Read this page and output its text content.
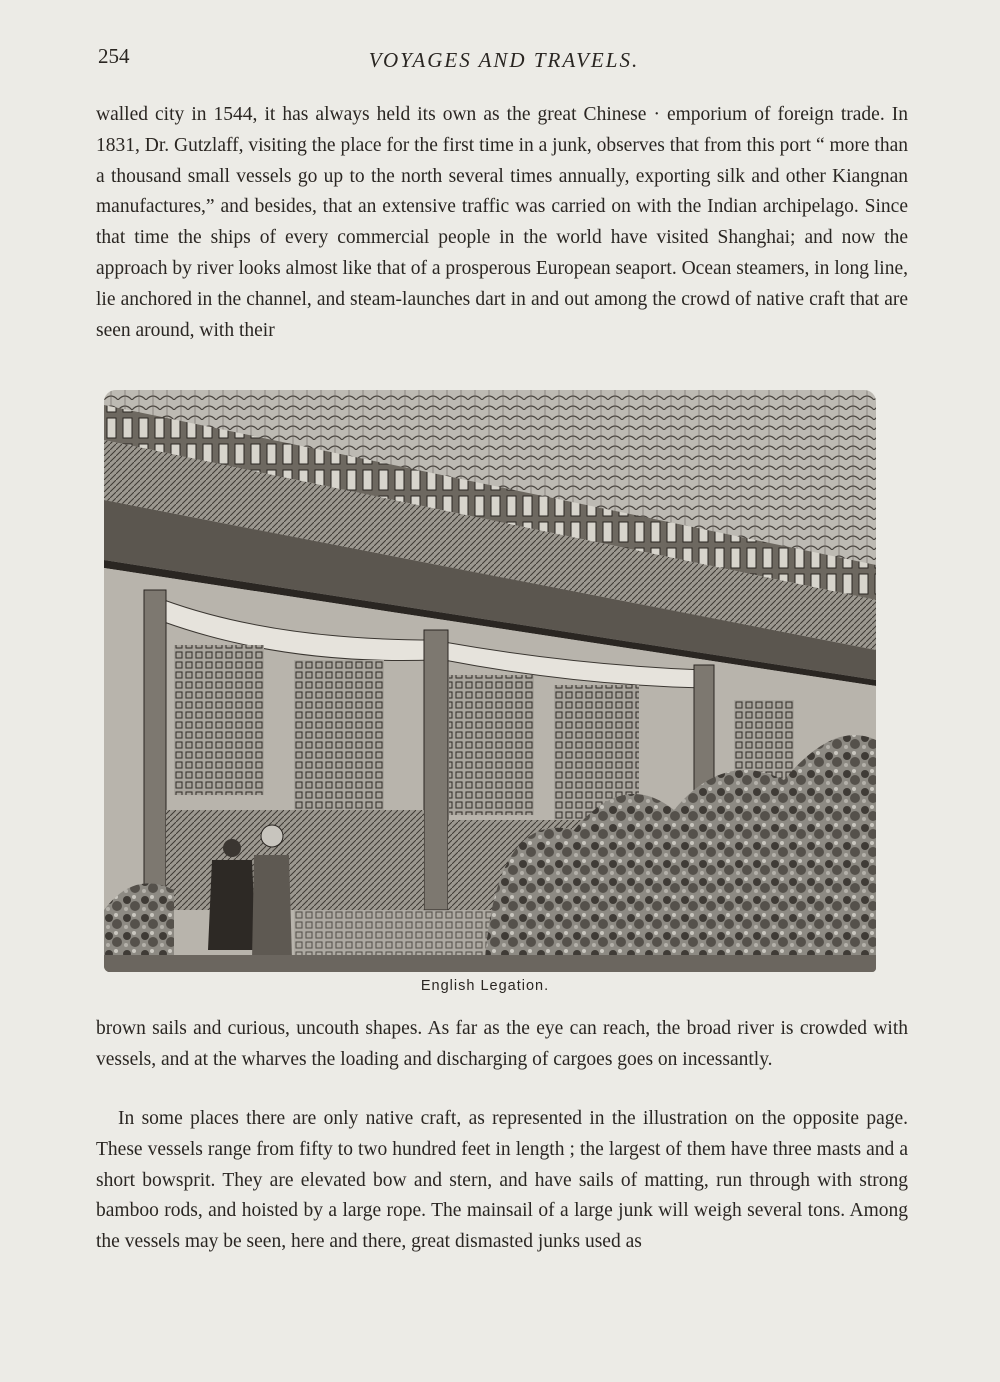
254	VOYAGES AND TRAVELS.

walled city in 1544, it has always held its own as the great Chinese · emporium of foreign trade. In 1831, Dr. Gutzlaff, visiting the place for the first time in a junk, observes that from this port “ more than a thousand small vessels go up to the north several times annually, exporting silk and other Kiangnan manufactures,” and besides, that an extensive traffic was carried on with the Indian archipelago. Since that time the ships of every commercial people in the world have visited Shanghai; and now the approach by river looks almost like that of a prosperous European seaport. Ocean steamers, in long line, lie anchored in the channel, and steam-launches dart in and out among the crowd of native craft that are seen around, with their

English Legation.

brown sails and curious, uncouth shapes. As far as the eye can reach, the broad river is crowded with vessels, and at the wharves the loading and discharging of cargoes goes on incessantly.

In some places there are only native craft, as represented in the illustration on the opposite page. These vessels range from fifty to two hundred feet in length ; the largest of them have three masts and a short bowsprit. They are elevated bow and stern, and have sails of matting, run through with strong bamboo rods, and hoisted by a large rope. The mainsail of a large junk will weigh several tons. Among the vessels may be seen, here and there, great dismasted junks used as
